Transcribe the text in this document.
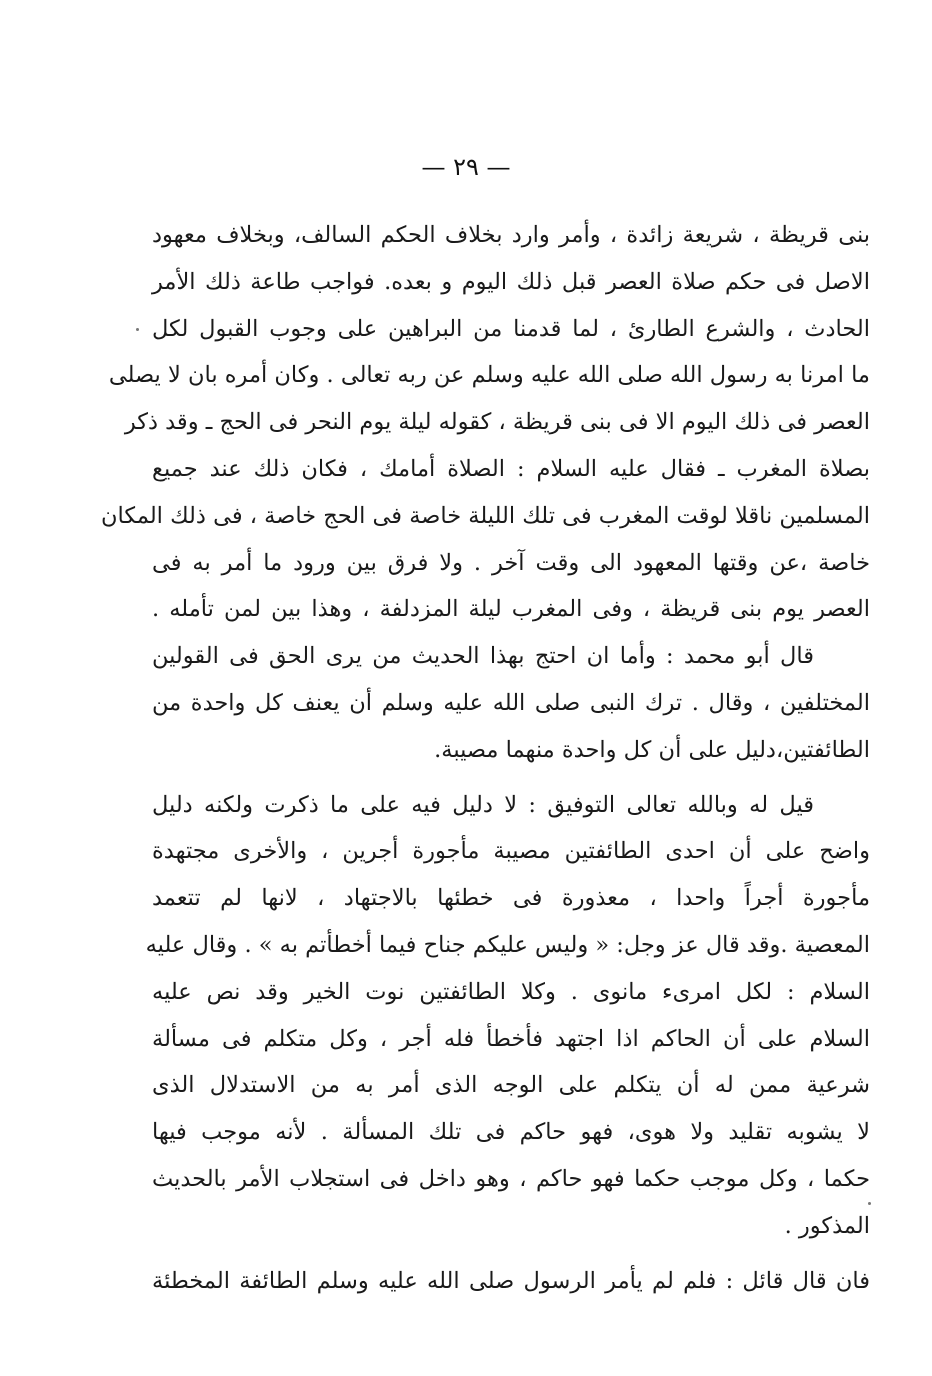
— ٢٩ —
بنى قريظة ، شريعة زائدة ، وأمر وارد بخلاف الحكم السالف، وبخلاف معهود
الاصل فى حكم صلاة العصر قبل ذلك اليوم و بعده. فواجب طاعة ذلك الأمر
الحادث ، والشرع الطارئ ، لما قدمنا من البراهين على وجوب القبول لكل
ما امرنا به رسول الله صلى الله عليه وسلم عن ربه تعالى . وكان أمره بان لا يصلى
العصر فى ذلك اليوم الا فى بنى قريظة ، كقوله ليلة يوم النحر فى الحج ـ وقد ذكر
بصلاة المغرب ـ فقال عليه السلام : الصلاة أمامك ، فكان ذلك عند جميع
المسلمين ناقلا لوقت المغرب فى تلك الليلة خاصة فى الحج خاصة ، فى ذلك المكان
خاصة ،عن وقتها المعهود الى وقت آخر . ولا فرق بين ورود ما أمر به فى
العصر يوم بنى قريظة ، وفى المغرب ليلة المزدلفة ، وهذا بين لمن تأمله .
قال أبو محمد : وأما ان احتج بهذا الحديث من يرى الحق فى القولين
المختلفين ، وقال . ترك النبى صلى الله عليه وسلم أن يعنف كل واحدة من
الطائفتين،دليل على أن كل واحدة منهما مصيبة.
قيل له وبالله تعالى التوفيق : لا دليل فيه على ما ذكرت ولكنه دليل
واضح على أن احدى الطائفتين مصيبة مأجورة أجرين ، والأخرى مجتهدة
مأجورة أجراً واحدا ، معذورة فى خطئها بالاجتهاد ، لانها لم تتعمد
المعصية .وقد قال عز وجل: « وليس عليكم جناح فيما أخطأتم به » . وقال عليه
السلام : لكل امرىء مانوى . وكلا الطائفتين نوت الخير وقد نص عليه
السلام على أن الحاكم اذا اجتهد فأخطأ فله أجر ، وكل متكلم فى مسألة
شرعية ممن له أن يتكلم على الوجه الذى أمر به من الاستدلال الذى
لا يشوبه تقليد ولا هوى، فهو حاكم فى تلك المسألة . لأنه موجب فيها
حكما ، وكل موجب حكما فهو حاكم ، وهو داخل فى استجلاب الأمر بالحديث
المذكور .
فان قال قائل : فلم لم يأمر الرسول صلى الله عليه وسلم الطائفة المخطئة
